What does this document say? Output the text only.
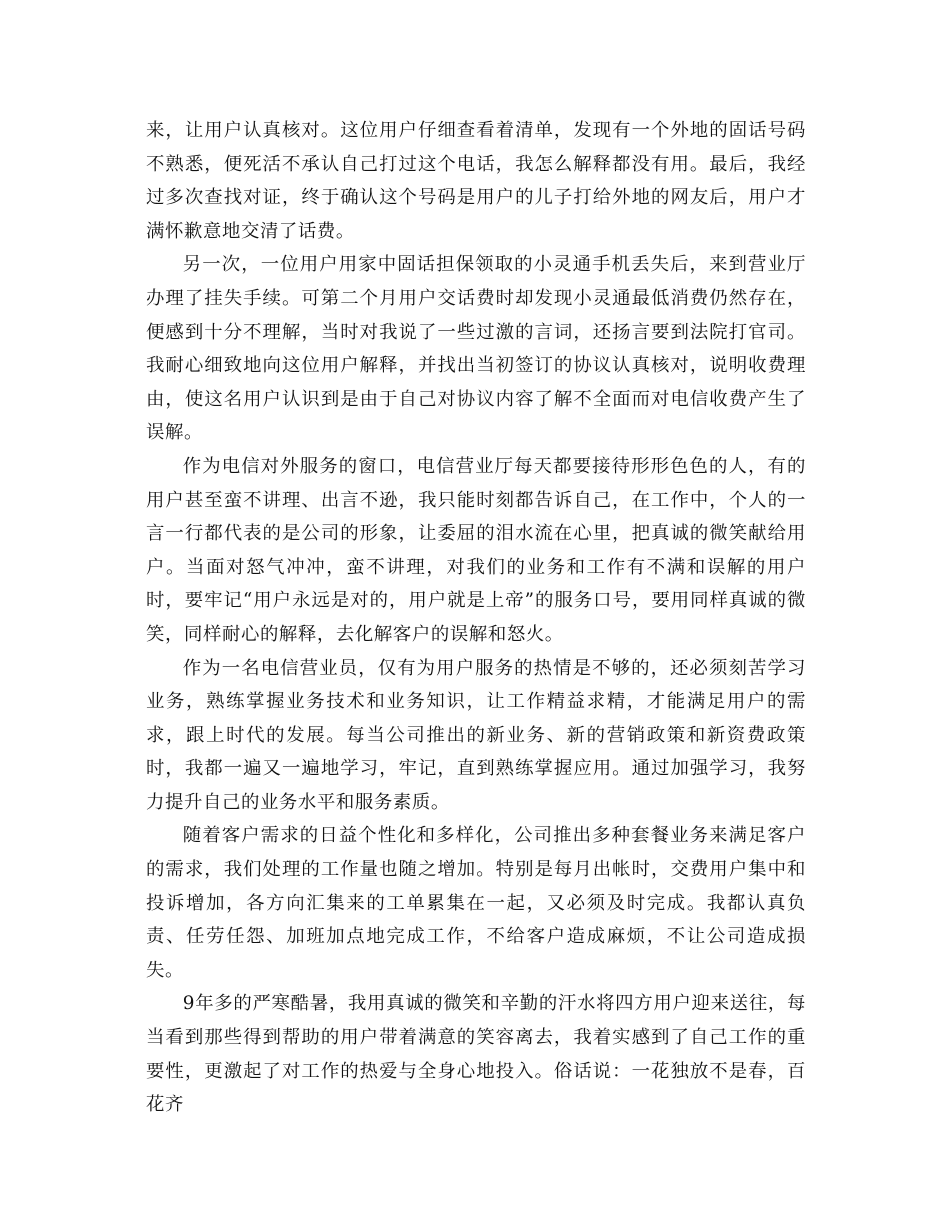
来，让用户认真核对。这位用户仔细查看着清单，发现有一个外地的固话号码不熟悉，便死活不承认自己打过这个电话，我怎么解释都没有用。最后，我经过多次查找对证，终于确认这个号码是用户的儿子打给外地的网友后，用户才满怀歉意地交清了话费。

另一次，一位用户用家中固话担保领取的小灵通手机丢失后，来到营业厅办理了挂失手续。可第二个月用户交话费时却发现小灵通最低消费仍然存在，便感到十分不理解，当时对我说了一些过激的言词，还扬言要到法院打官司。我耐心细致地向这位用户解释，并找出当初签订的协议认真核对，说明收费理由，使这名用户认识到是由于自己对协议内容了解不全面而对电信收费产生了误解。

作为电信对外服务的窗口，电信营业厅每天都要接待形形色色的人，有的用户甚至蛮不讲理、出言不逊，我只能时刻都告诉自己，在工作中，个人的一言一行都代表的是公司的形象，让委屈的泪水流在心里，把真诚的微笑献给用户。当面对怒气冲冲，蛮不讲理，对我们的业务和工作有不满和误解的用户时，要牢记“用户永远是对的，用户就是上帝”的服务口号，要用同样真诚的微笑，同样耐心的解释，去化解客户的误解和怒火。

作为一名电信营业员，仅有为用户服务的热情是不够的，还必须刻苦学习业务，熟练掌握业务技术和业务知识，让工作精益求精，才能满足用户的需求，跟上时代的发展。每当公司推出的新业务、新的营销政策和新资费政策时，我都一遍又一遍地学习，牢记，直到熟练掌握应用。通过加强学习，我努力提升自己的业务水平和服务素质。

随着客户需求的日益个性化和多样化，公司推出多种套餐业务来满足客户的需求，我们处理的工作量也随之增加。特别是每月出帐时，交费用户集中和投诉增加，各方向汇集来的工单累集在一起，又必须及时完成。我都认真负责、任劳任怨、加班加点地完成工作，不给客户造成麻烦，不让公司造成损失。

9年多的严寒酷暑，我用真诚的微笑和辛勤的汗水将四方用户迎来送往，每当看到那些得到帮助的用户带着满意的笑容离去，我着实感到了自己工作的重要性，更激起了对工作的热爱与全身心地投入。俗话说：一花独放不是春，百花齐
